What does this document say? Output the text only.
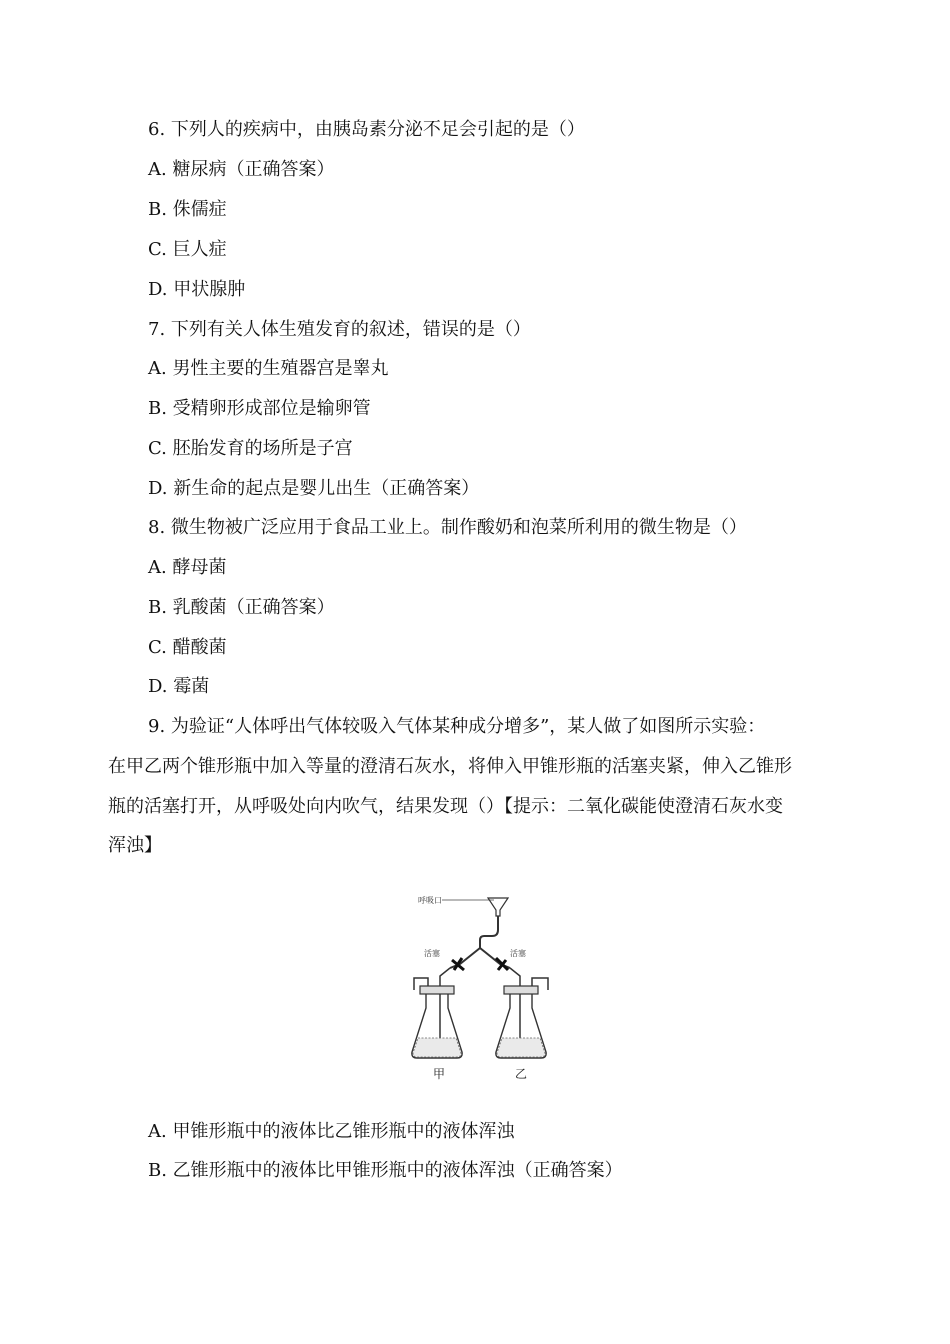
6. 下列人的疾病中，由胰岛素分泌不足会引起的是（）
A. 糖尿病（正确答案）
B. 侏儒症
C. 巨人症
D. 甲状腺肿
7. 下列有关人体生殖发育的叙述，错误的是（）
A. 男性主要的生殖器宫是睾丸
B. 受精卵形成部位是输卵管
C. 胚胎发育的场所是子宫
D. 新生命的起点是婴儿出生（正确答案）
8. 微生物被广泛应用于食品工业上。制作酸奶和泡菜所利用的微生物是（）
A. 酵母菌
B. 乳酸菌（正确答案）
C. 醋酸菌
D. 霉菌
9. 为验证“人体呼出气体较吸入气体某种成分增多”，某人做了如图所示实验：
在甲乙两个锥形瓶中加入等量的澄清石灰水，将伸入甲锥形瓶的活塞夹紧，伸入乙锥形
瓶的活塞打开，从呼吸处向内吹气，结果发现（）【提示：二氧化碳能使澄清石灰水变
浑浊】
呼吸口
活塞	活塞
甲	乙
A. 甲锥形瓶中的液体比乙锥形瓶中的液体浑浊
B. 乙锥形瓶中的液体比甲锥形瓶中的液体浑浊（正确答案）
